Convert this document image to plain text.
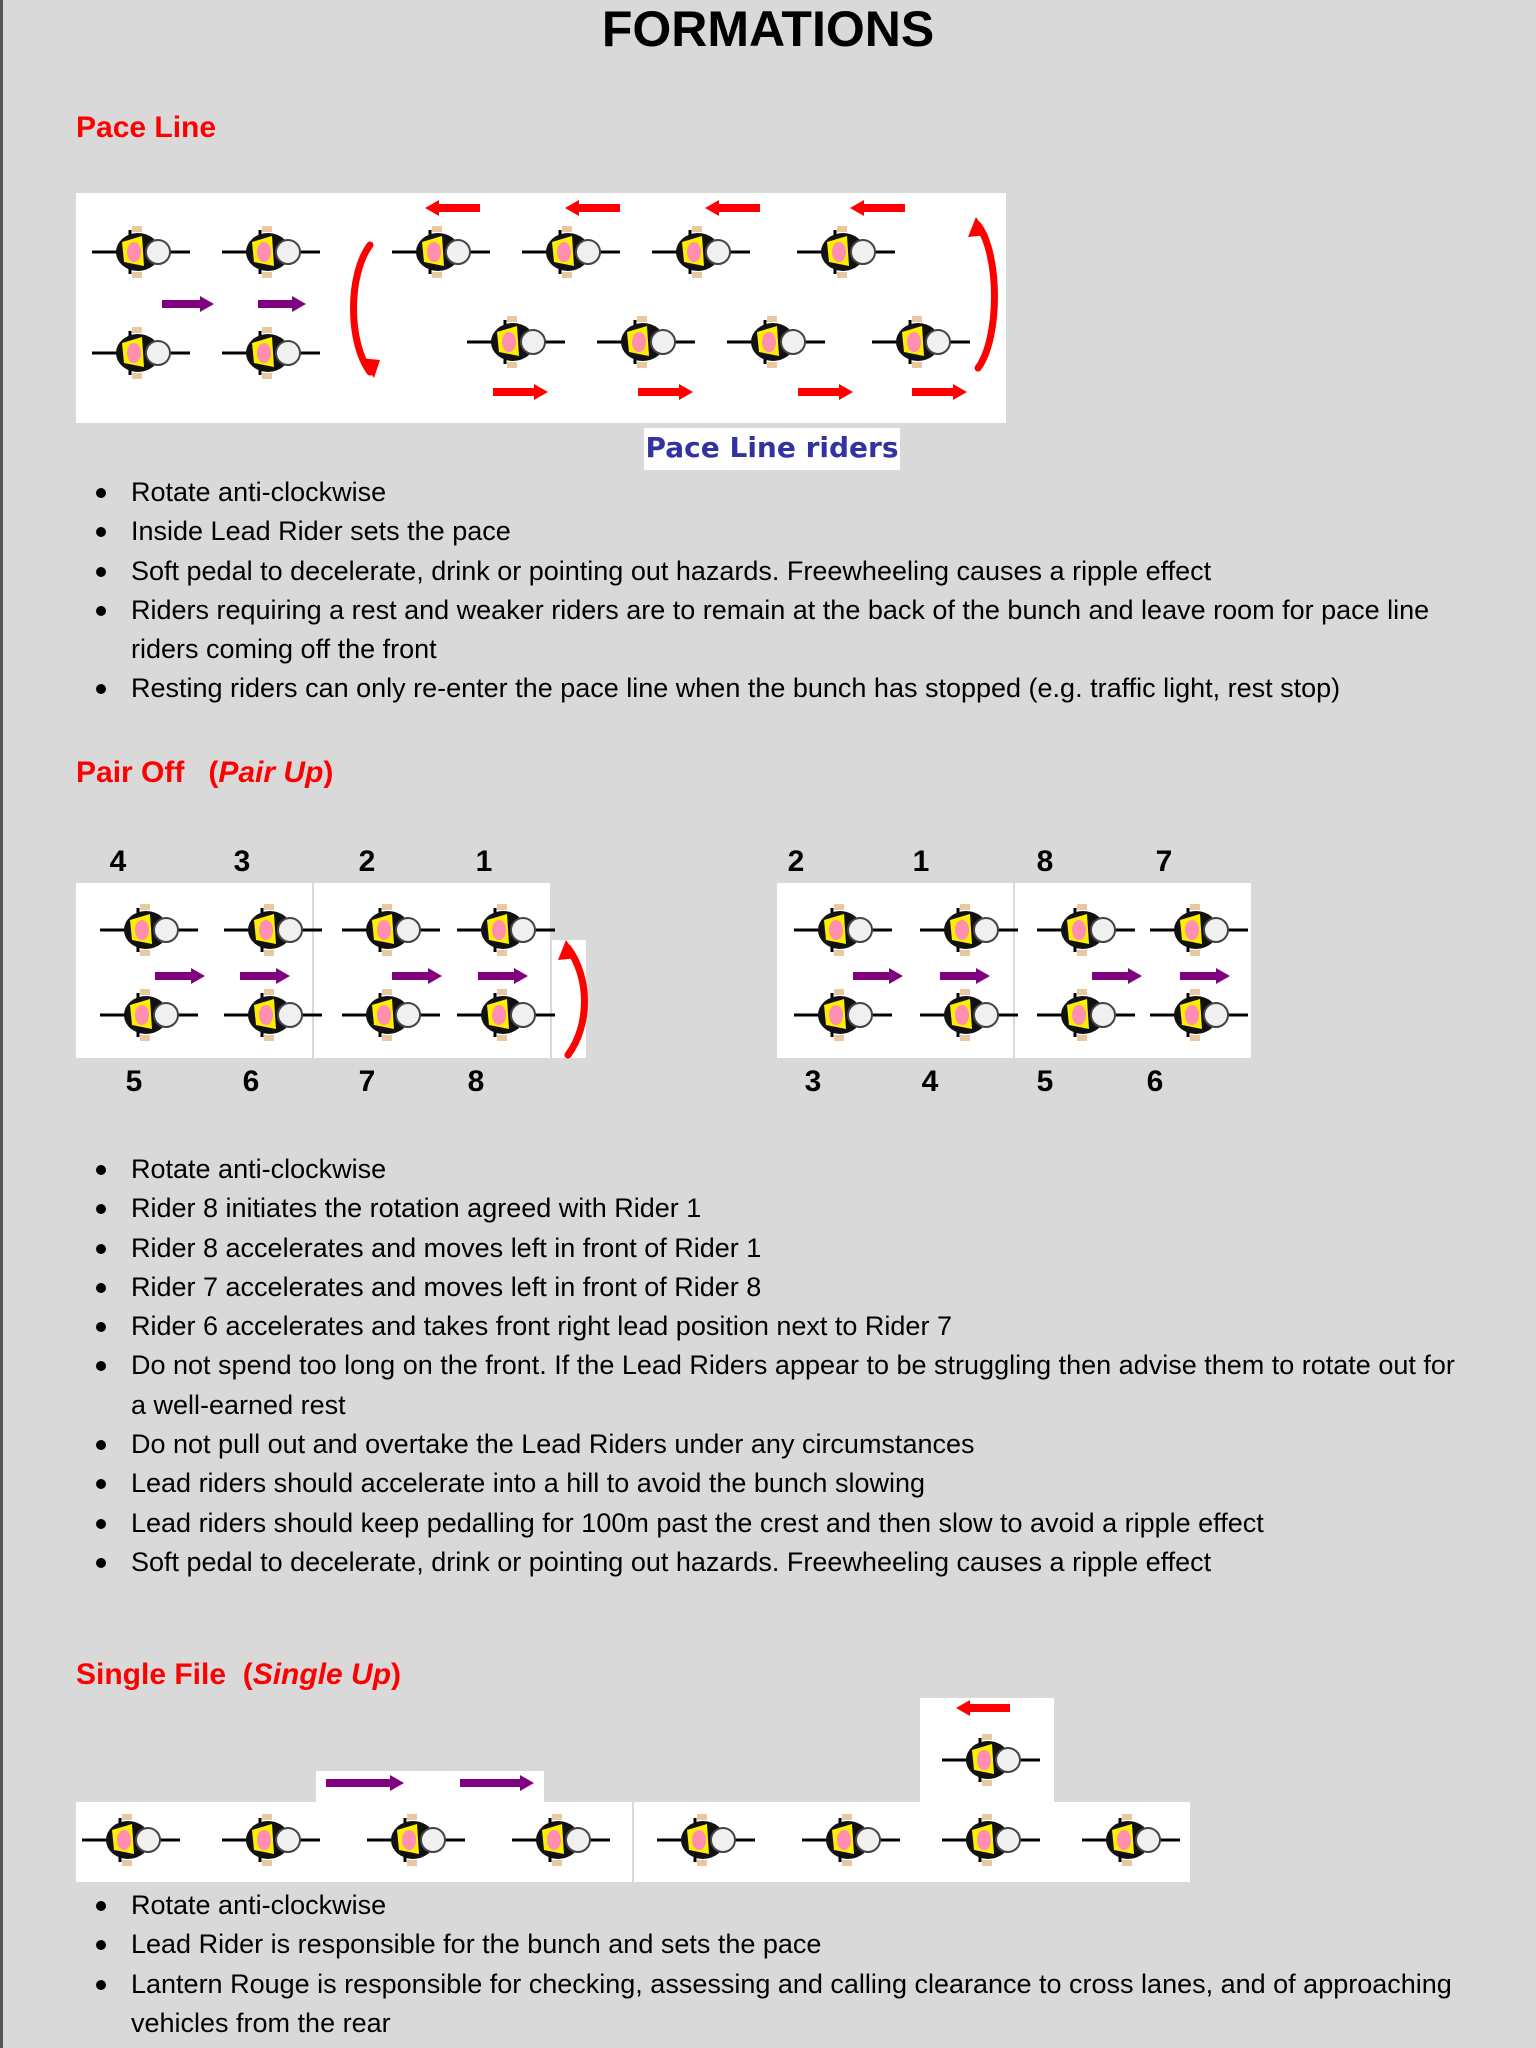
FORMATIONS
Pace Line
Pace Line riders
Rotate anti-clockwise
Inside Lead Rider sets the pace
Soft pedal to decelerate, drink or pointing out hazards. Freewheeling causes a ripple effect
Riders requiring a rest and weaker riders are to remain at the back of the bunch and leave room for pace line riders coming off the front
Resting riders can only re-enter the pace line when the bunch has stopped (e.g. traffic light, rest stop)
Pair Off (Pair Up)
4	3	2	1
5	6	7	8
2	1	8	7
3	4	5	6
Rotate anti-clockwise
Rider 8 initiates the rotation agreed with Rider 1
Rider 8 accelerates and moves left in front of Rider 1
Rider 7 accelerates and moves left in front of Rider 8
Rider 6 accelerates and takes front right lead position next to Rider 7
Do not spend too long on the front. If the Lead Riders appear to be struggling then advise them to rotate out for a well-earned rest
Do not pull out and overtake the Lead Riders under any circumstances
Lead riders should accelerate into a hill to avoid the bunch slowing
Lead riders should keep pedalling for 100m past the crest and then slow to avoid a ripple effect
Soft pedal to decelerate, drink or pointing out hazards. Freewheeling causes a ripple effect
Single File  (Single Up)
Rotate anti-clockwise
Lead Rider is responsible for the bunch and sets the pace
Lantern Rouge is responsible for checking, assessing and calling clearance to cross lanes, and of approaching vehicles from the rear
